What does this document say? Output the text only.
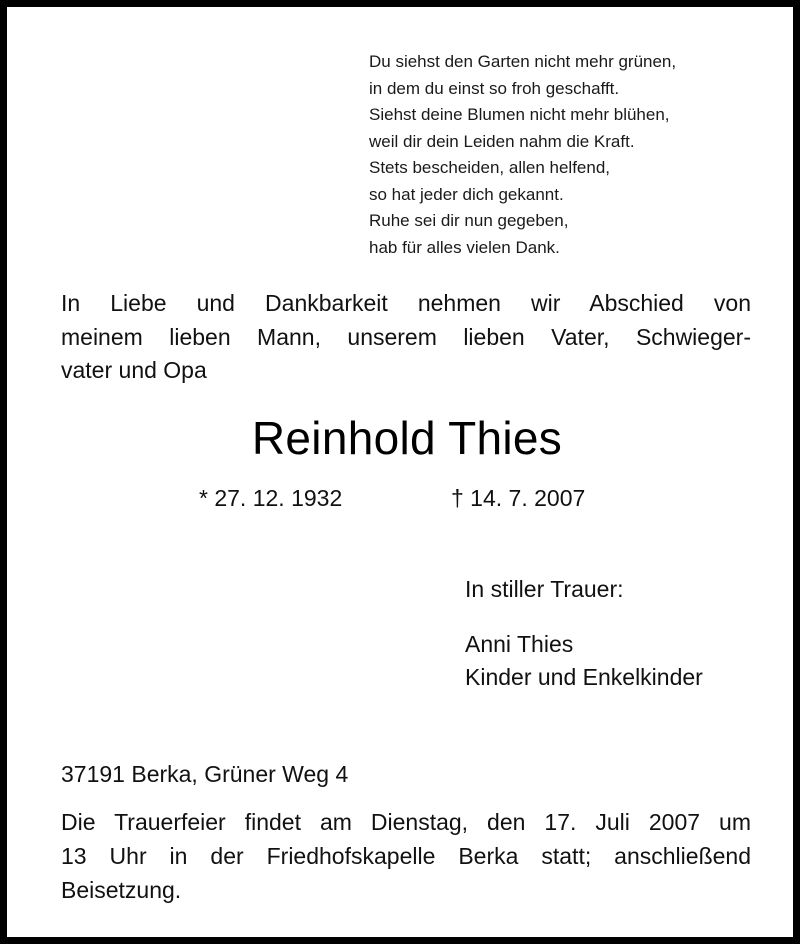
Du siehst den Garten nicht mehr grünen,
in dem du einst so froh geschafft.
Siehst deine Blumen nicht mehr blühen,
weil dir dein Leiden nahm die Kraft.
Stets bescheiden, allen helfend,
so hat jeder dich gekannt.
Ruhe sei dir nun gegeben,
hab für alles vielen Dank.
In Liebe und Dankbarkeit nehmen wir Abschied von
meinem lieben Mann, unserem lieben Vater, Schwieger-
vater und Opa
Reinhold Thies
* 27. 12. 1932	† 14. 7. 2007
In stiller Trauer:
Anni Thies
Kinder und Enkelkinder
37191 Berka, Grüner Weg 4
Die Trauerfeier findet am Dienstag, den 17. Juli 2007 um
13 Uhr in der Friedhofskapelle Berka statt; anschließend
Beisetzung.
